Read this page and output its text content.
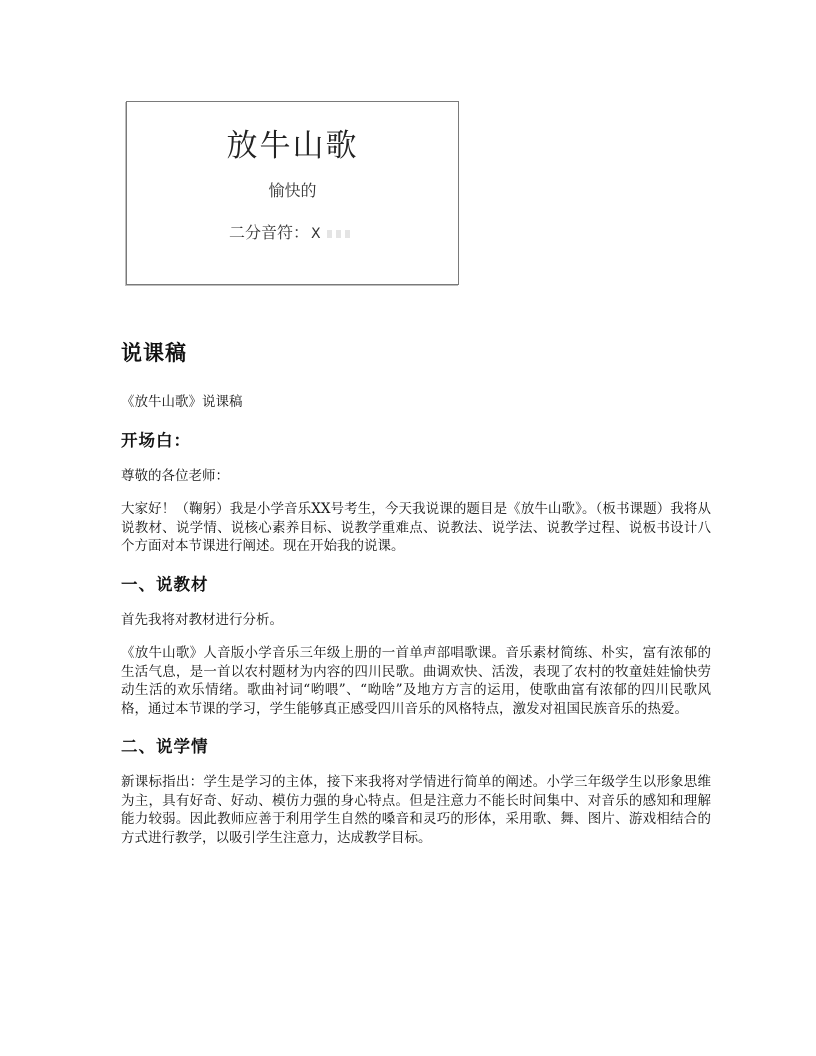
放牛山歌
愉快的
二分音符： X
说课稿

《放牛山歌》说课稿

开场白：

尊敬的各位老师：

大家好！（鞠躬）我是小学音乐XX号考生，今天我说课的题目是《放牛山歌》。（板书课题）我将从说教材、说学情、说核心素养目标、说教学重难点、说教法、说学法、说教学过程、说板书设计八个方面对本节课进行阐述。现在开始我的说课。

一、说教材

首先我将对教材进行分析。

《放牛山歌》人音版小学音乐三年级上册的一首单声部唱歌课。音乐素材简练、朴实，富有浓郁的生活气息，是一首以农村题材为内容的四川民歌。曲调欢快、活泼，表现了农村的牧童娃娃愉快劳动生活的欢乐情绪。歌曲衬词“哟喂”、“呦啥”及地方方言的运用，使歌曲富有浓郁的四川民歌风格，通过本节课的学习，学生能够真正感受四川音乐的风格特点，激发对祖国民族音乐的热爱。

二、说学情

新课标指出：学生是学习的主体，接下来我将对学情进行简单的阐述。小学三年级学生以形象思维为主，具有好奇、好动、模仿力强的身心特点。但是注意力不能长时间集中、对音乐的感知和理解能力较弱。因此教师应善于利用学生自然的嗓音和灵巧的形体，采用歌、舞、图片、游戏相结合的方式进行教学，以吸引学生注意力，达成教学目标。
